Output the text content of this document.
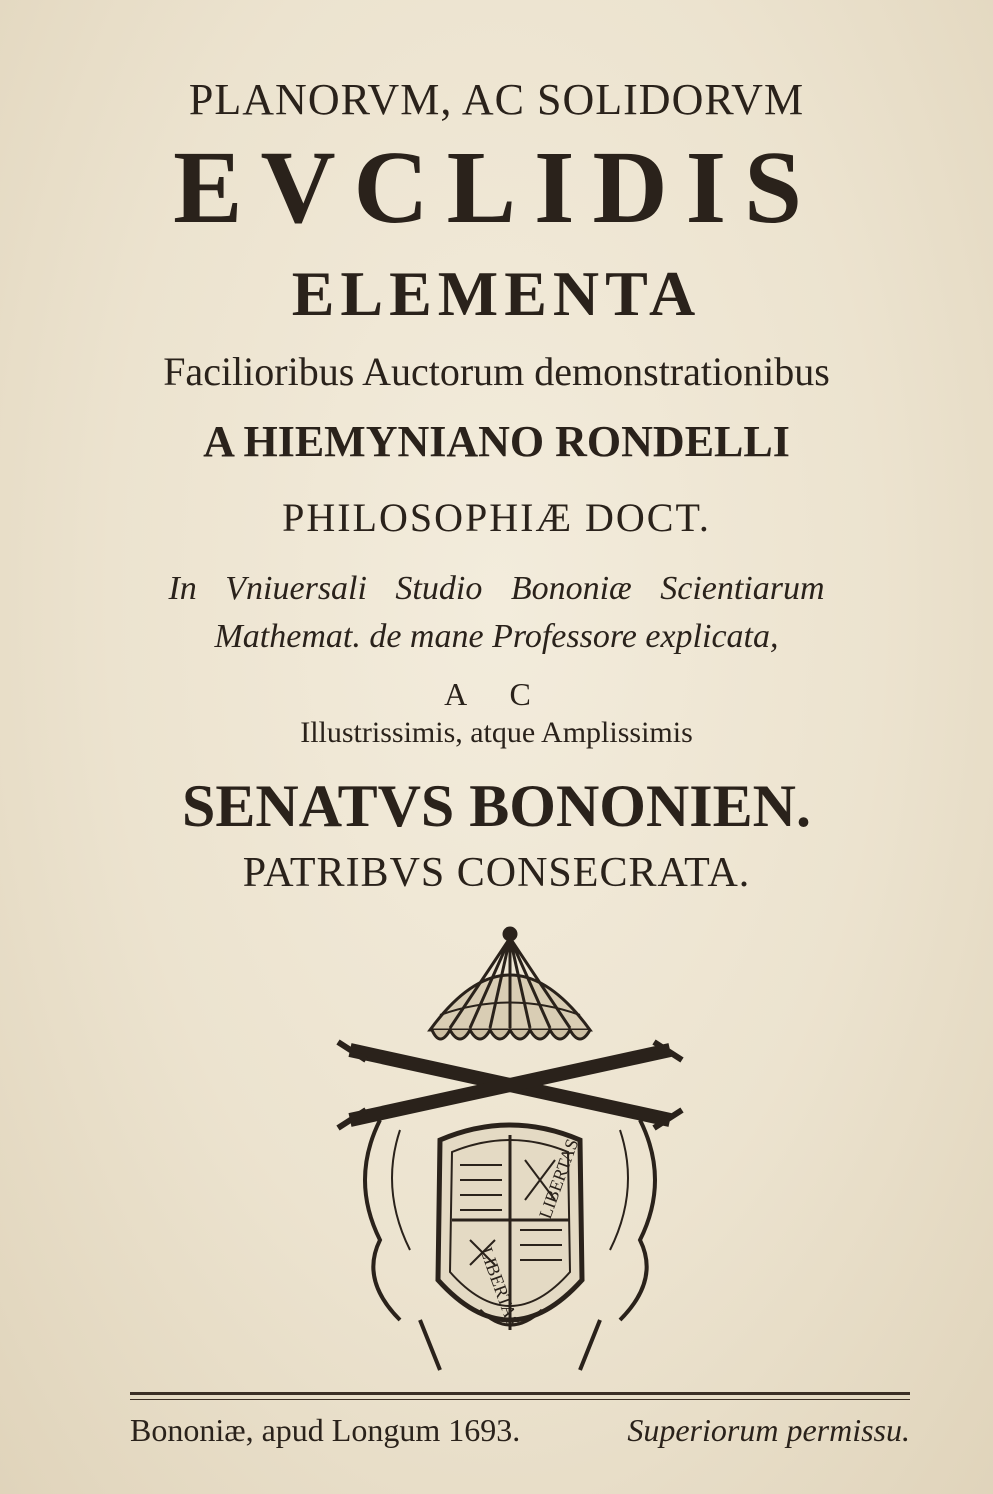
PLANORVM, AC SOLIDORVM
EVCLIDIS
ELEMENTA
Facilioribus Auctorum demonstrationibus
A HIEMYNIANO RONDELLI
PHILOSOPHIÆ DOCT.
In Vniuersali Studio Bononiæ Scientiarum
Mathemat. de mane Professore explicata,
A C
Illustrissimis, atque Amplissimis
SENATVS BONONIEN.
PATRIBVS CONSECRATA.
LIBERTAS
LIBERTAS
Bononiæ, apud Longum 1693.	Superiorum permissu.
